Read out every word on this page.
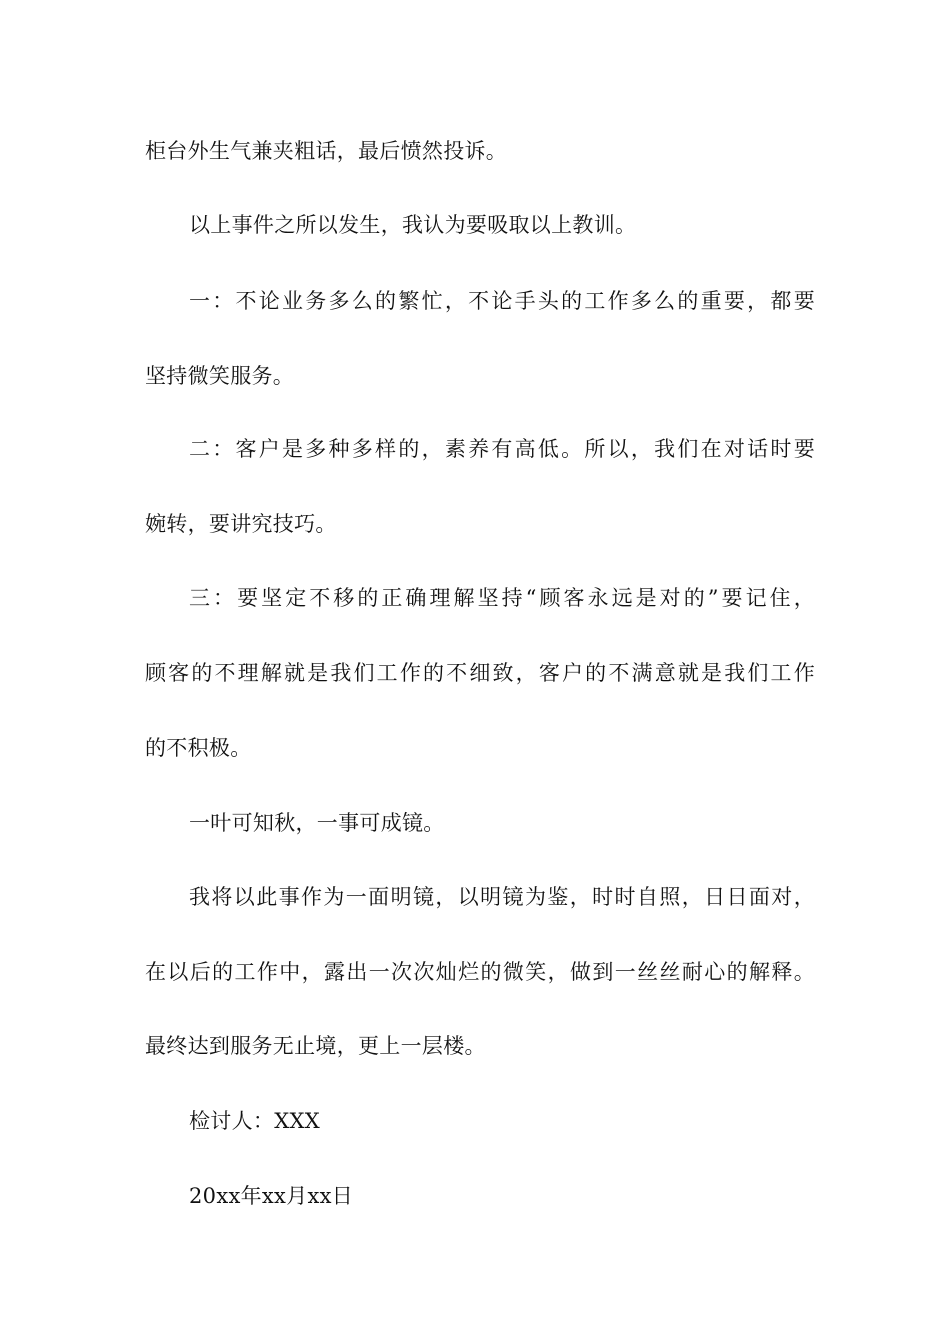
柜台外生气兼夹粗话，最后愤然投诉。
以上事件之所以发生，我认为要吸取以上教训。
一：不论业务多么的繁忙，不论手头的工作多么的重要，都要
坚持微笑服务。
二：客户是多种多样的，素养有高低。所以，我们在对话时要
婉转，要讲究技巧。
三：要坚定不移的正确理解坚持“顾客永远是对的”要记住，
顾客的不理解就是我们工作的不细致，客户的不满意就是我们工作
的不积极。
一叶可知秋，一事可成镜。
我将以此事作为一面明镜，以明镜为鉴，时时自照，日日面对，
在以后的工作中，露出一次次灿烂的微笑，做到一丝丝耐心的解释。
最终达到服务无止境，更上一层楼。
检讨人：XXX
20xx年xx月xx日
